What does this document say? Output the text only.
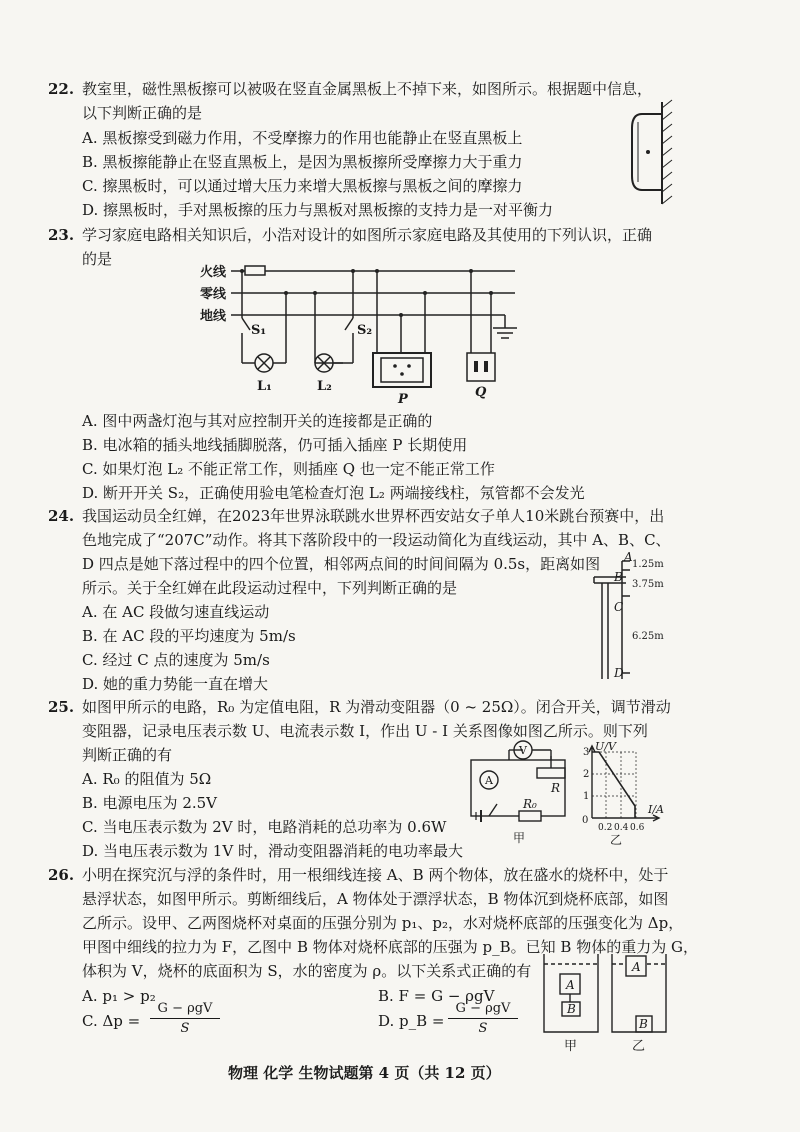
22. 教室里，磁性黑板擦可以被吸在竖直金属黑板上不掉下来，如图所示。根据题中信息，
以下判断正确的是
A. 黑板擦受到磁力作用，不受摩擦力的作用也能静止在竖直黑板上
B. 黑板擦能静止在竖直黑板上，是因为黑板擦所受摩擦力大于重力
C. 擦黑板时，可以通过增大压力来增大黑板擦与黑板之间的摩擦力
D. 擦黑板时，手对黑板擦的压力与黑板对黑板擦的支持力是一对平衡力
23. 学习家庭电路相关知识后，小浩对设计的如图所示家庭电路及其使用的下列认识，正确
的是
火线
零线
地线
S₁	S₂
L₁	L₂
P	Q
A. 图中两盏灯泡与其对应控制开关的连接都是正确的
B. 电冰箱的插头地线插脚脱落，仍可插入插座 P 长期使用
C. 如果灯泡 L₂ 不能正常工作，则插座 Q 也一定不能正常工作
D. 断开开关 S₂，正确使用验电笔检查灯泡 L₂ 两端接线柱，氖管都不会发光
24. 我国运动员全红婵，在2023年世界泳联跳水世界杯西安站女子单人10米跳台预赛中，出
色地完成了“207C”动作。将其下落阶段中的一段运动简化为直线运动，其中 A、B、C、
D 四点是她下落过程中的四个位置，相邻两点间的时间间隔为 0.5s，距离如图
所示。关于全红婵在此段运动过程中，下列判断正确的是
A
B
C
D
1.25m
3.75m
6.25m
A. 在 AC 段做匀速直线运动
B. 在 AC 段的平均速度为 5m/s
C. 经过 C 点的速度为 5m/s
D. 她的重力势能一直在增大
25. 如图甲所示的电路，R₀ 为定值电阻，R 为滑动变阻器（0 ~ 25Ω）。闭合开关，调节滑动
变阻器，记录电压表示数 U、电流表示数 I，作出 U - I 关系图像如图乙所示。则下列
判断正确的有	V
A
R
R₀
甲
U/V
I/A
0
3
2
1
0.2 0.4 0.6
乙
A. R₀ 的阻值为 5Ω
B. 电源电压为 2.5V
C. 当电压表示数为 2V 时，电路消耗的总功率为 0.6W
D. 当电压表示数为 1V 时，滑动变阻器消耗的电功率最大
26. 小明在探究沉与浮的条件时，用一根细线连接 A、B 两个物体，放在盛水的烧杯中，处于
悬浮状态，如图甲所示。剪断细线后，A 物体处于漂浮状态，B 物体沉到烧杯底部，如图
乙所示。设甲、乙两图烧杯对桌面的压强分别为 p₁、p₂，水对烧杯底部的压强变化为 Δp，
甲图中细线的拉力为 F，乙图中 B 物体对烧杯底部的压强为 p_B。已知 B 物体的重力为 G，
体积为 V，烧杯的底面积为 S，水的密度为 ρ。以下关系式正确的有
A. p₁ > p₂	B. F = G − ρgV
C. Δp =
G − ρgV
S	D. p_B =
G − ρgV
S
A
B
A
B
甲	乙
物理 化学 生物试题第 4 页（共 12 页）
